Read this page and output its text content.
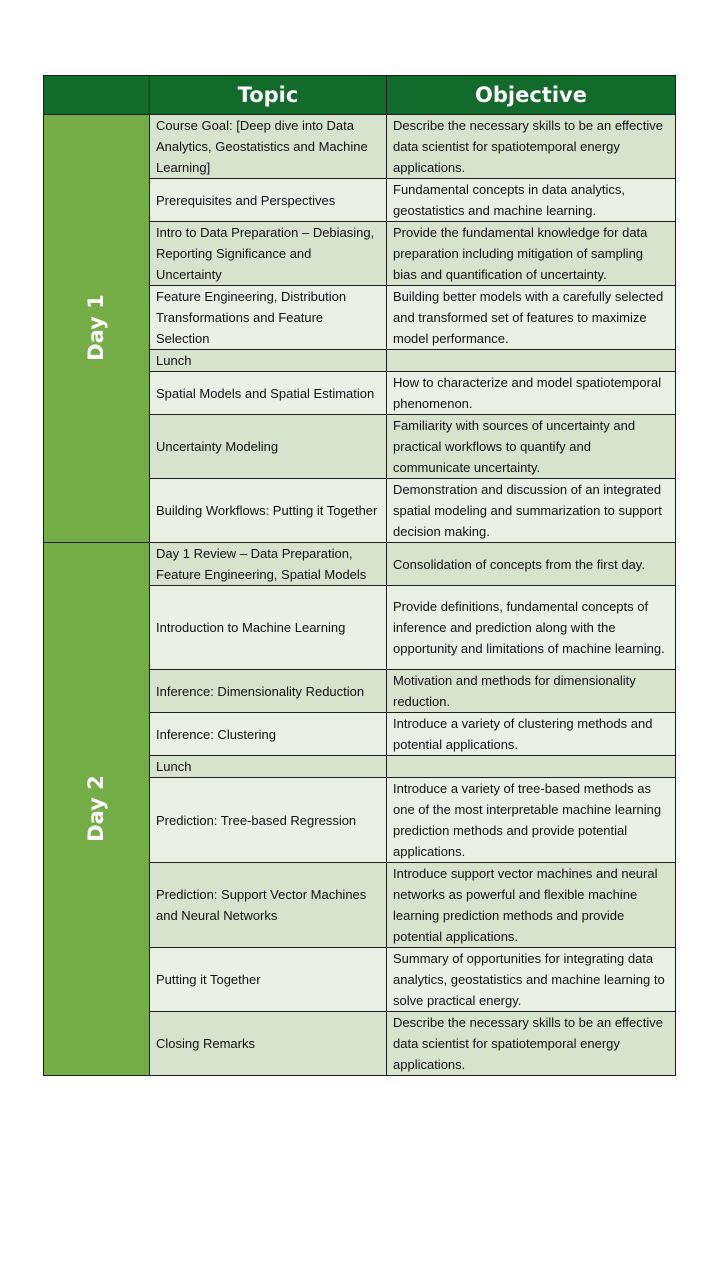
	Topic	Objective
Day 1	Course Goal: [Deep dive into Data Analytics, Geostatistics and Machine Learning]	Describe the necessary skills to be an effective data scientist for spatiotemporal energy applications.
	Prerequisites and Perspectives	Fundamental concepts in data analytics, geostatistics and machine learning.
	Intro to Data Preparation – Debiasing, Reporting Significance and Uncertainty	Provide the fundamental knowledge for data preparation including mitigation of sampling bias and quantification of uncertainty.
	Feature Engineering, Distribution Transformations and Feature Selection	Building better models with a carefully selected and transformed set of features to maximize model performance.
	Lunch	
	Spatial Models and Spatial Estimation	How to characterize and model spatiotemporal phenomenon.
	Uncertainty Modeling	Familiarity with sources of uncertainty and practical workflows to quantify and communicate uncertainty.
	Building Workflows: Putting it Together	Demonstration and discussion of an integrated spatial modeling and summarization to support decision making.
Day 2	Day 1 Review – Data Preparation, Feature Engineering, Spatial Models	Consolidation of concepts from the first day.
	Introduction to Machine Learning	Provide definitions, fundamental concepts of inference and prediction along with the opportunity and limitations of machine learning.
	Inference: Dimensionality Reduction	Motivation and methods for dimensionality reduction.
	Inference: Clustering	Introduce a variety of clustering methods and potential applications.
	Lunch	
	Prediction: Tree-based Regression	Introduce a variety of tree-based methods as one of the most interpretable machine learning prediction methods and provide potential applications.
	Prediction: Support Vector Machines and Neural Networks	Introduce support vector machines and neural networks as powerful and flexible machine learning prediction methods and provide potential applications.
	Putting it Together	Summary of opportunities for integrating data analytics, geostatistics and machine learning to solve practical energy.
	Closing Remarks	Describe the necessary skills to be an effective data scientist for spatiotemporal energy applications.
